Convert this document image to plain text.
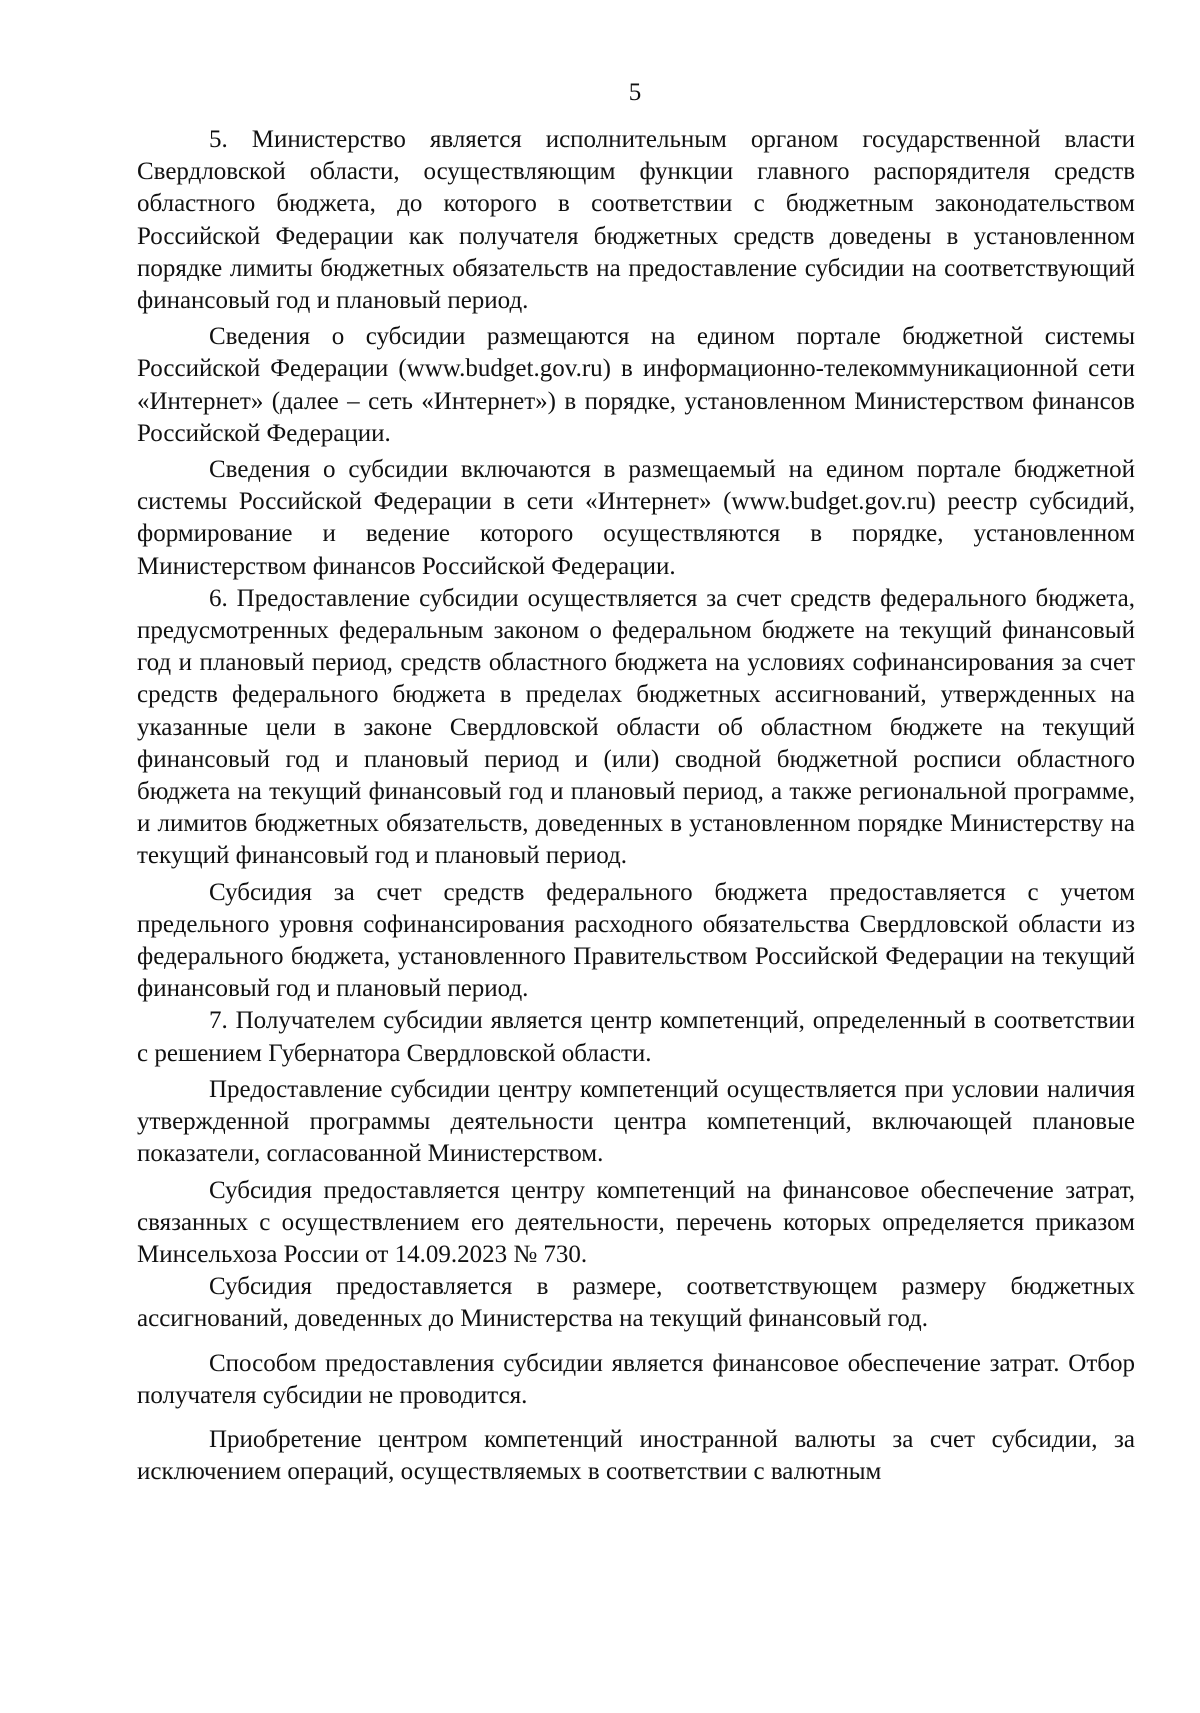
5

5. Министерство является исполнительным органом государственной власти Свердловской области, осуществляющим функции главного распорядителя средств областного бюджета, до которого в соответствии с бюджетным законодательством Российской Федерации как получателя бюджетных средств доведены в установленном порядке лимиты бюджетных обязательств на предоставление субсидии на соответствующий финансовый год и плановый период.

Сведения о субсидии размещаются на едином портале бюджетной системы Российской Федерации (www.budget.gov.ru) в информационно-телекоммуникационной сети «Интернет» (далее – сеть «Интернет») в порядке, установленном Министерством финансов Российской Федерации.

Сведения о субсидии включаются в размещаемый на едином портале бюджетной системы Российской Федерации в сети «Интернет» (www.budget.gov.ru) реестр субсидий, формирование и ведение которого осуществляются в порядке, установленном Министерством финансов Российской Федерации.

6. Предоставление субсидии осуществляется за счет средств федерального бюджета, предусмотренных федеральным законом о федеральном бюджете на текущий финансовый год и плановый период, средств областного бюджета на условиях софинансирования за счет средств федерального бюджета в пределах бюджетных ассигнований, утвержденных на указанные цели в законе Свердловской области об областном бюджете на текущий финансовый год и плановый период и (или) сводной бюджетной росписи областного бюджета на текущий финансовый год и плановый период, а также региональной программе, и лимитов бюджетных обязательств, доведенных в установленном порядке Министерству на текущий финансовый год и плановый период.

Субсидия за счет средств федерального бюджета предоставляется с учетом предельного уровня софинансирования расходного обязательства Свердловской области из федерального бюджета, установленного Правительством Российской Федерации на текущий финансовый год и плановый период.

7. Получателем субсидии является центр компетенций, определенный в соответствии с решением Губернатора Свердловской области.

Предоставление субсидии центру компетенций осуществляется при условии наличия утвержденной программы деятельности центра компетенций, включающей плановые показатели, согласованной Министерством.

Субсидия предоставляется центру компетенций на финансовое обеспечение затрат, связанных с осуществлением его деятельности, перечень которых определяется приказом Минсельхоза России от 14.09.2023 № 730.

Субсидия предоставляется в размере, соответствующем размеру бюджетных ассигнований, доведенных до Министерства на текущий финансовый год.

Способом предоставления субсидии является финансовое обеспечение затрат. Отбор получателя субсидии не проводится.

Приобретение центром компетенций иностранной валюты за счет субсидии, за исключением операций, осуществляемых в соответствии с валютным
